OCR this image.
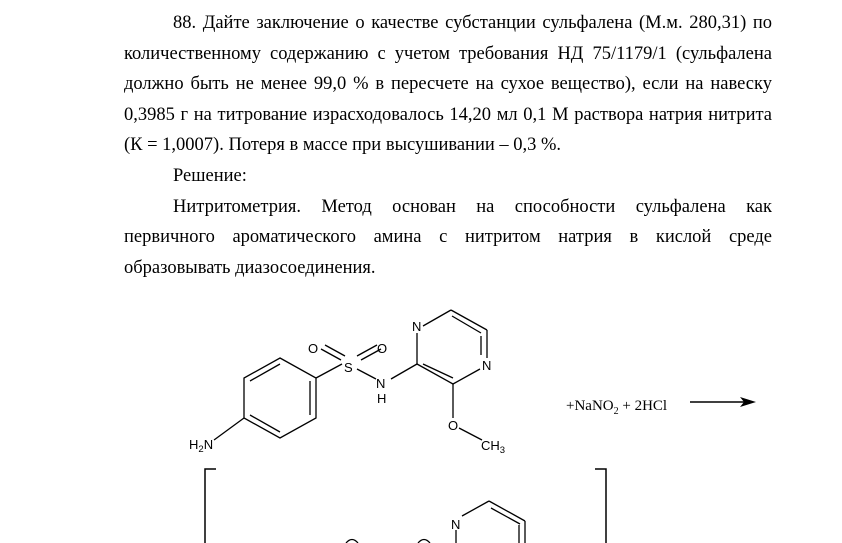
88. Дайте заключение о качестве субстанции сульфалена (М.м. 280,31) по количественному содержанию с учетом требования НД 75/1179/1 (сульфалена должно быть не менее 99,0 % в пересчете на сухое вещество), если на навеску 0,3985 г на титрование израсходовалось 14,20 мл 0,1 М раствора натрия нитрита (К = 1,0007). Потеря в массе при высушивании – 0,3 %.

Решение:

Нитритометрия. Метод основан на способности сульфалена как первичного ароматического амина с нитритом натрия в кислой среде образовывать диазосоединения.

O	O
S
N
H
N
N
O
$CH_3$
$H_2N$
+NaNO$_2$ + 2HCl
N
